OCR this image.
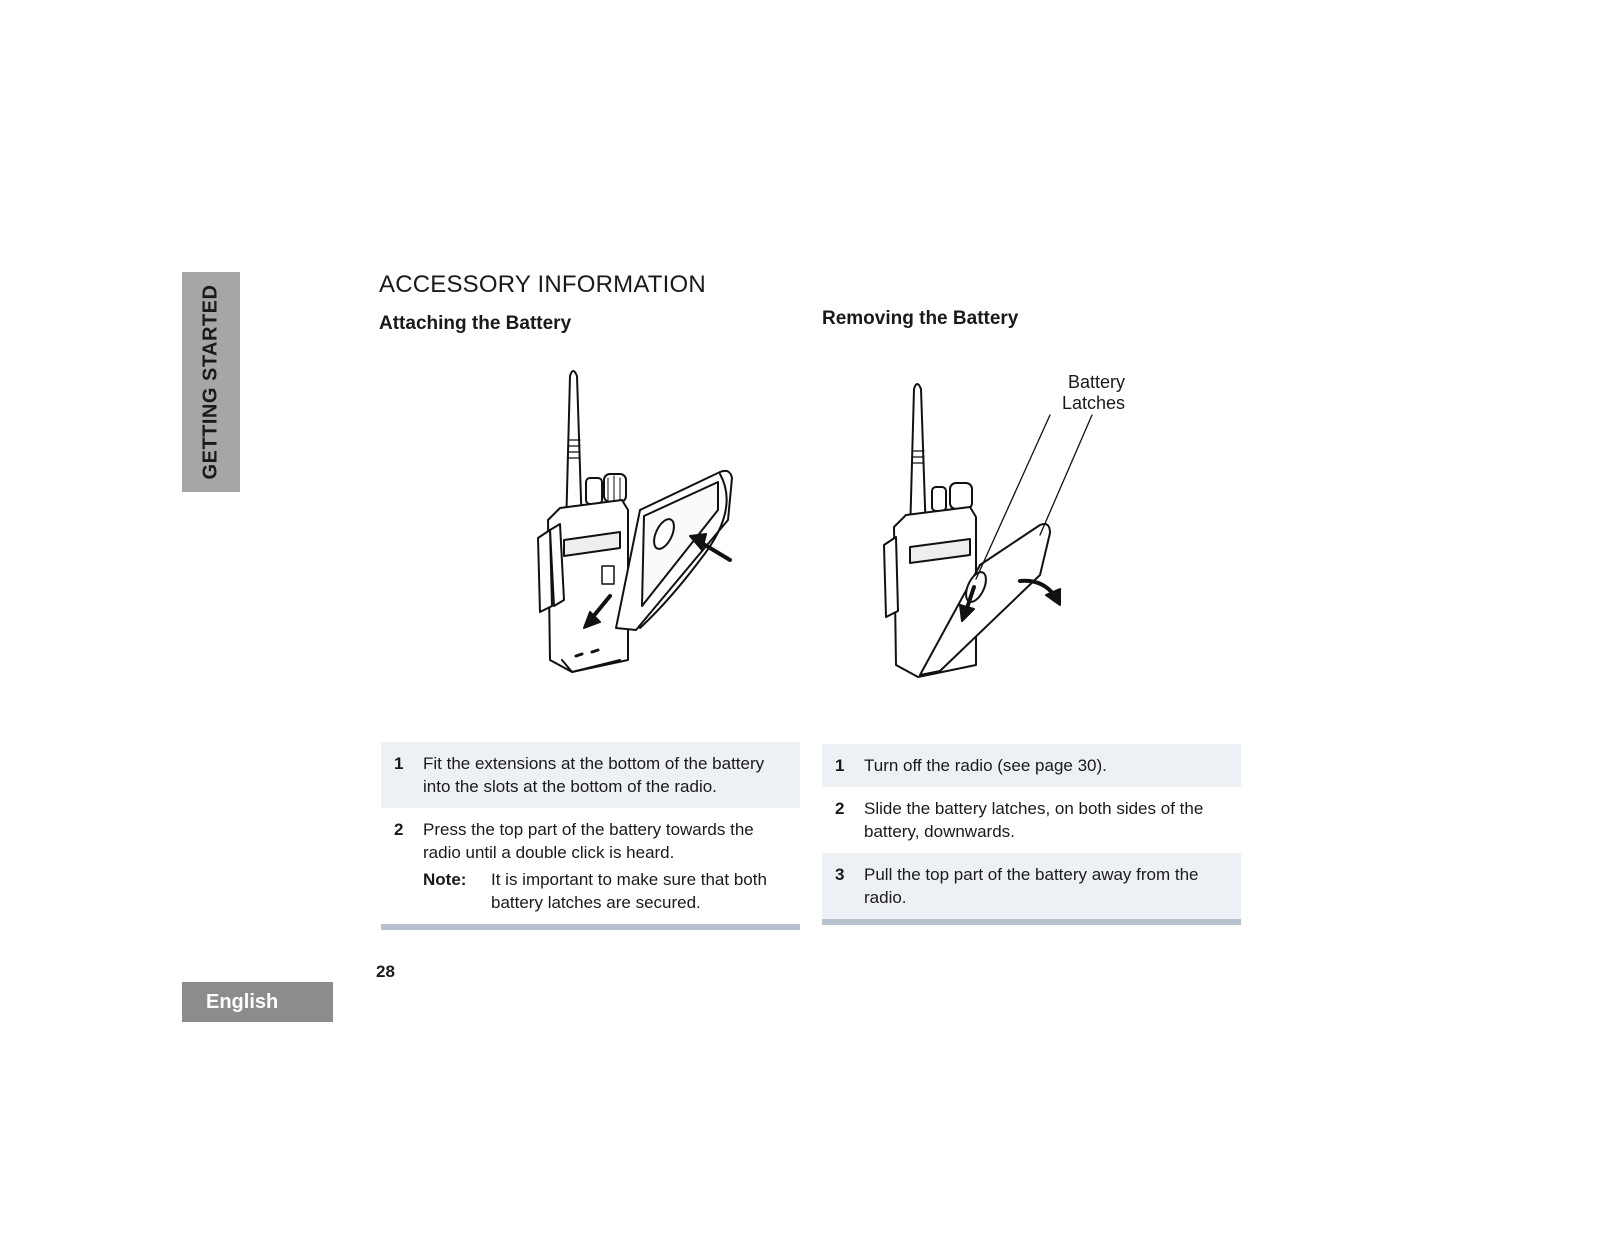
GETTING STARTED
English
ACCESSORY INFORMATION
Attaching the Battery	Removing the Battery
Battery
Latches
1	Fit the extensions at the bottom of the battery into the slots at the bottom of the radio.
2	Press the top part of the battery towards the radio until a double click is heard.
Note:	It is important to make sure that both battery latches are secured.
1	Turn off the radio (see page 30).
2	Slide the battery latches, on both sides of the battery, downwards.
3	Pull the top part of the battery away from the radio.
28
